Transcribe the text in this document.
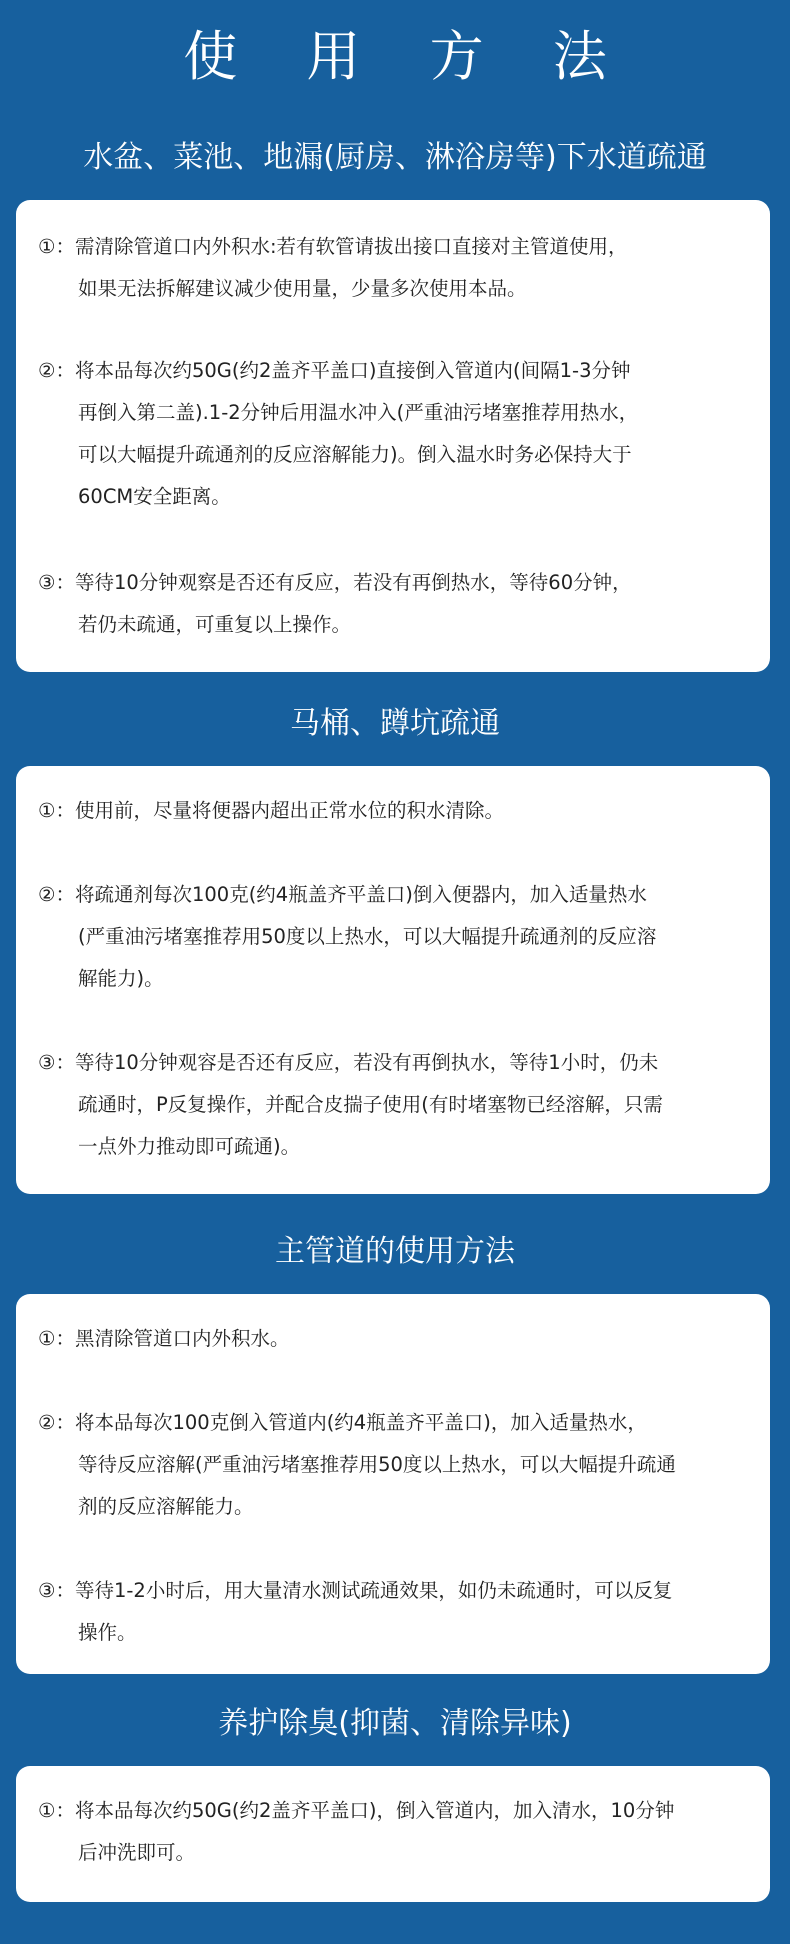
使 用 方 法
水盆、菜池、地漏(厨房、淋浴房等)下水道疏通
①：需清除管道口内外积水:若有软管请拔出接口直接对主管道使用，
如果无法拆解建议减少使用量，少量多次使用本品。
②：将本品每次约50G(约2盖齐平盖口)直接倒入管道内(间隔1-3分钟
再倒入第二盖).1-2分钟后用温水冲入(严重油污堵塞推荐用热水，
可以大幅提升疏通剂的反应溶解能力)。倒入温水时务必保持大于
60CM安全距离。
③：等待10分钟观察是否还有反应，若没有再倒热水，等待60分钟，
若仍未疏通，可重复以上操作。
马桶、蹲坑疏通
①：使用前，尽量将便器内超出正常水位的积水清除。
②：将疏通剂每次100克(约4瓶盖齐平盖口)倒入便器内，加入适量热水
(严重油污堵塞推荐用50度以上热水，可以大幅提升疏通剂的反应溶
解能力)。
③：等待10分钟观容是否还有反应，若没有再倒执水，等待1小时，仍未
疏通时，P反复操作，并配合皮揣子使用(有时堵塞物已经溶解，只需
一点外力推动即可疏通)。
主管道的使用方法
①：黑清除管道口内外积水。
②：将本品每次100克倒入管道内(约4瓶盖齐平盖口)，加入适量热水，
等待反应溶解(严重油污堵塞推荐用50度以上热水，可以大幅提升疏通
剂的反应溶解能力。
③：等待1-2小时后，用大量清水测试疏通效果，如仍未疏通时，可以反复
操作。
养护除臭(抑菌、清除异味)
①：将本品每次约50G(约2盖齐平盖口)，倒入管道内，加入清水，10分钟
后冲洗即可。
